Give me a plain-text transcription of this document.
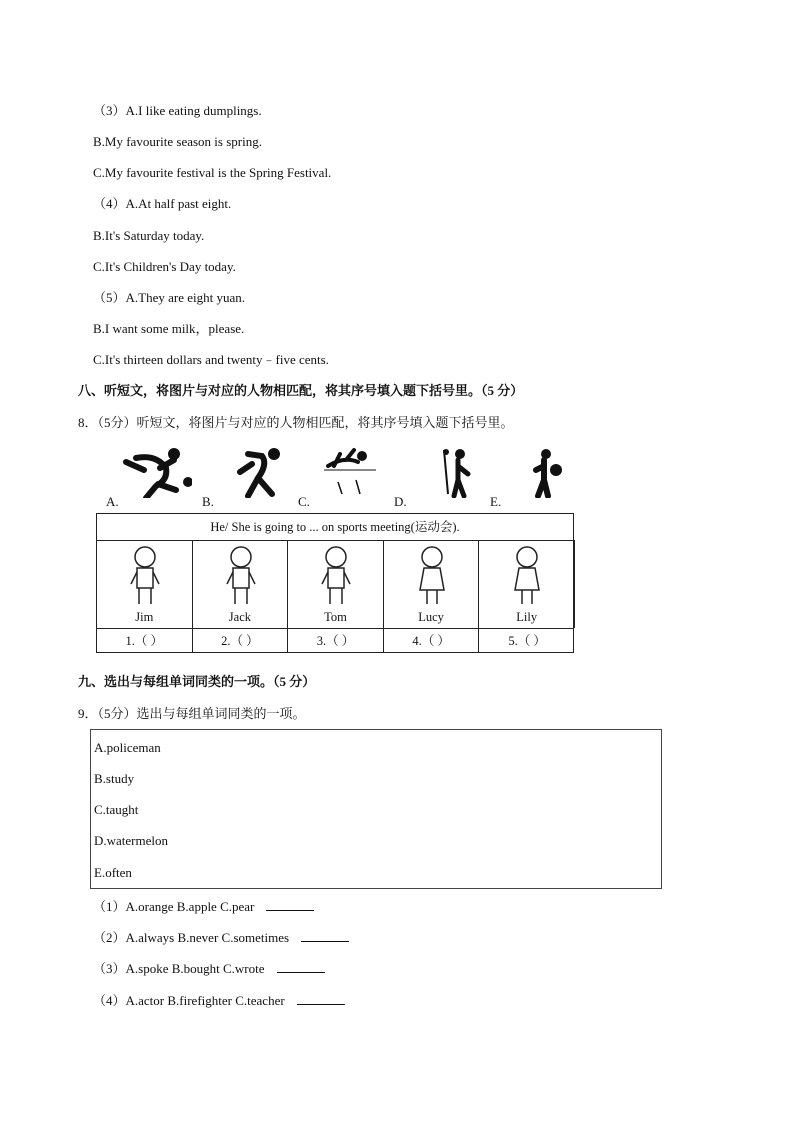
（3）A.I like eating dumplings.
B.My favourite season is spring.
C.My favourite festival is the Spring Festival.
（4）A.At half past eight.
B.It's Saturday today.
C.It's Children's Day today.
（5）A.They are eight yuan.
B.I want some milk，please.
C.It's thirteen dollars and twenty﹣five cents.
八、听短文，将图片与对应的人物相匹配，将其序号填入题下括号里。（5 分）
8．（5分）听短文，将图片与对应的人物相匹配，将其序号填入题下括号里。
A.	B.	C.	D.	E.
He/ She is going to ... on sports meeting(运动会).
Jim	Jack	Tom	Lucy	Lily
1.（ ）	2.（ ）	3.（ ）	4.（ ）	5.（ ）
九、选出与每组单词同类的一项。（5 分）
9．（5分）选出与每组单词同类的一项。
A.policeman
B.study
C.taught
D.watermelon
E.often
（1）A.orange B.apple C.pear
（2）A.always B.never C.sometimes
（3）A.spoke B.bought C.wrote
（4）A.actor B.firefighter C.teacher
